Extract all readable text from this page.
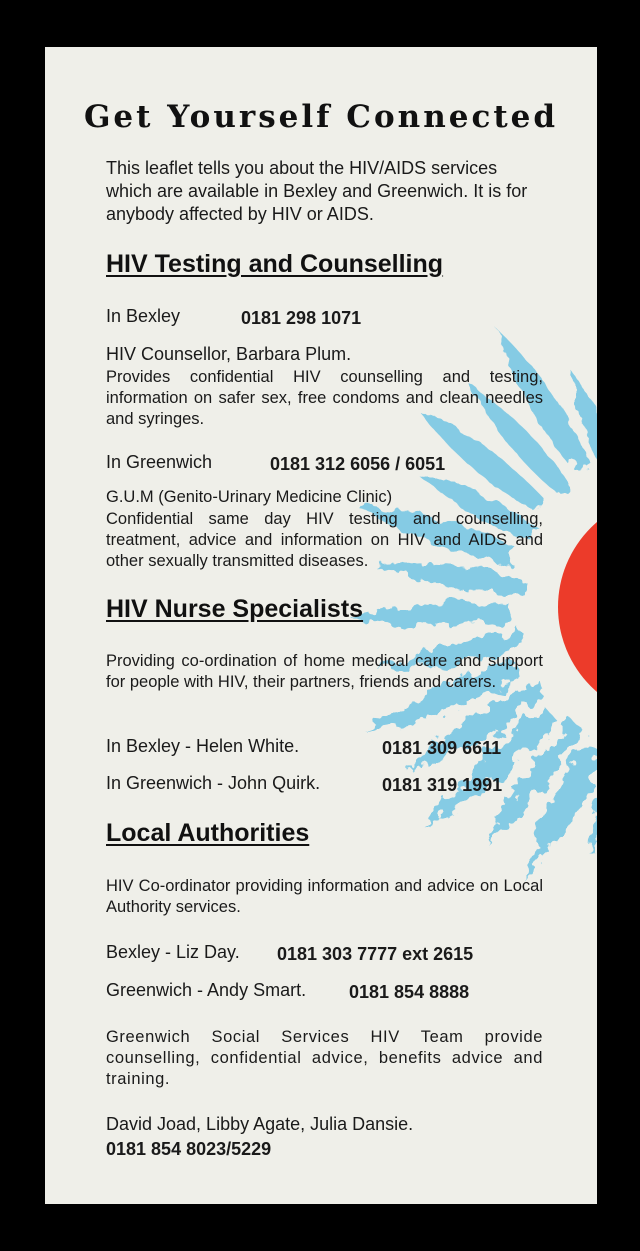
Get Yourself Connected

This leaflet tells you about the HIV/AIDS services which are available in Bexley and Greenwich. It is for anybody affected by HIV or AIDS.

HIV Testing and Counselling
In Bexley	0181 298 1071
HIV Counsellor, Barbara Plum.

Provides confidential HIV counselling and testing, information on safer sex, free condoms and clean needles and syringes.

In Greenwich	0181 312 6056 / 6051
G.U.M (Genito-Urinary Medicine Clinic)

Confidential same day HIV testing and counselling, treatment, advice and information on HIV and AIDS and other sexually transmitted diseases.

HIV Nurse Specialists

Providing co-ordination of home medical care and support for people with HIV, their partners, friends and carers.

In Bexley - Helen White.	0181 309 6611
In Greenwich - John Quirk.	0181 319 1991
Local Authorities

HIV Co-ordinator providing information and advice on Local Authority services.

Bexley - Liz Day. 0181 303 7777 ext 2615
Greenwich - Andy Smart. 0181 854 8888

Greenwich Social Services HIV Team provide counselling, confidential advice, benefits advice and training.

David Joad, Libby Agate, Julia Dansie.
0181 854 8023/5229
